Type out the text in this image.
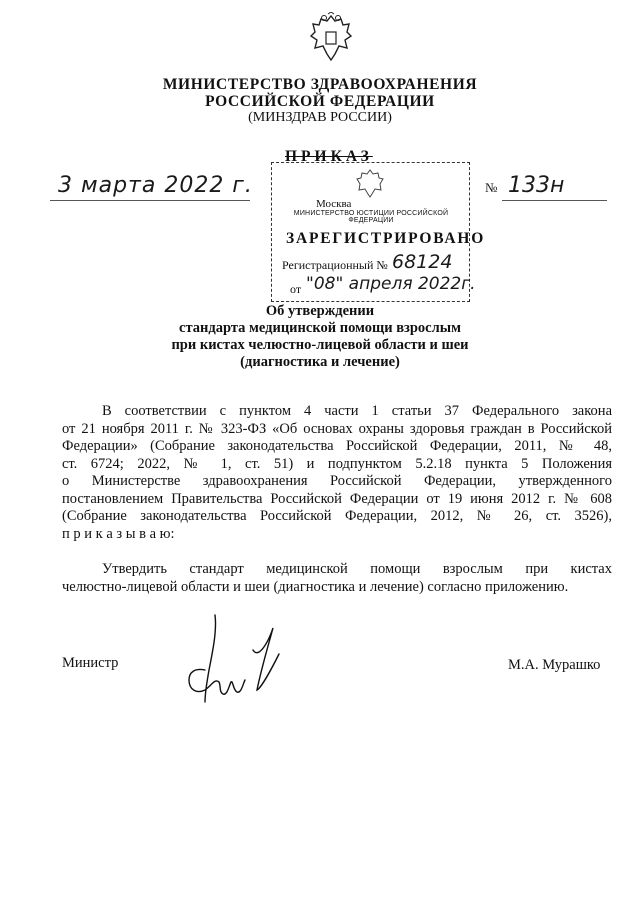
МИНИСТЕРСТВО ЗДРАВООХРАНЕНИЯ
РОССИЙСКОЙ ФЕДЕРАЦИИ
(МИНЗДРАВ РОССИИ)
Москва
МИНИСТЕРСТВО ЮСТИЦИИ РОССИЙСКОЙ ФЕДЕРАЦИИ
ЗАРЕГИСТРИРОВАНО
Регистрационный № 68124
от "08" апреля 2022г.
ПРИКАЗ
3 марта 2022 г.	№ 133н
Об утверждении
стандарта медицинской помощи взрослым
при кистах челюстно-лицевой области и шеи
(диагностика и лечение)
В соответствии с пунктом 4 части 1 статьи 37 Федерального закона
от 21 ноября 2011 г. № 323-ФЗ «Об основах охраны здоровья граждан в Российской
Федерации» (Собрание законодательства Российской Федерации, 2011, № 48,
ст. 6724; 2022, № 1, ст. 51) и подпунктом 5.2.18 пункта 5 Положения
о Министерстве здравоохранения Российской Федерации, утвержденного
постановлением Правительства Российской Федерации от 19 июня 2012 г. № 608
(Собрание законодательства Российской Федерации, 2012, № 26, ст. 3526),
п р и к а з ы в а ю:
Утвердить стандарт медицинской помощи взрослым при кистах
челюстно-лицевой области и шеи (диагностика и лечение) согласно приложению.
Министр	М.А. Мурашко
